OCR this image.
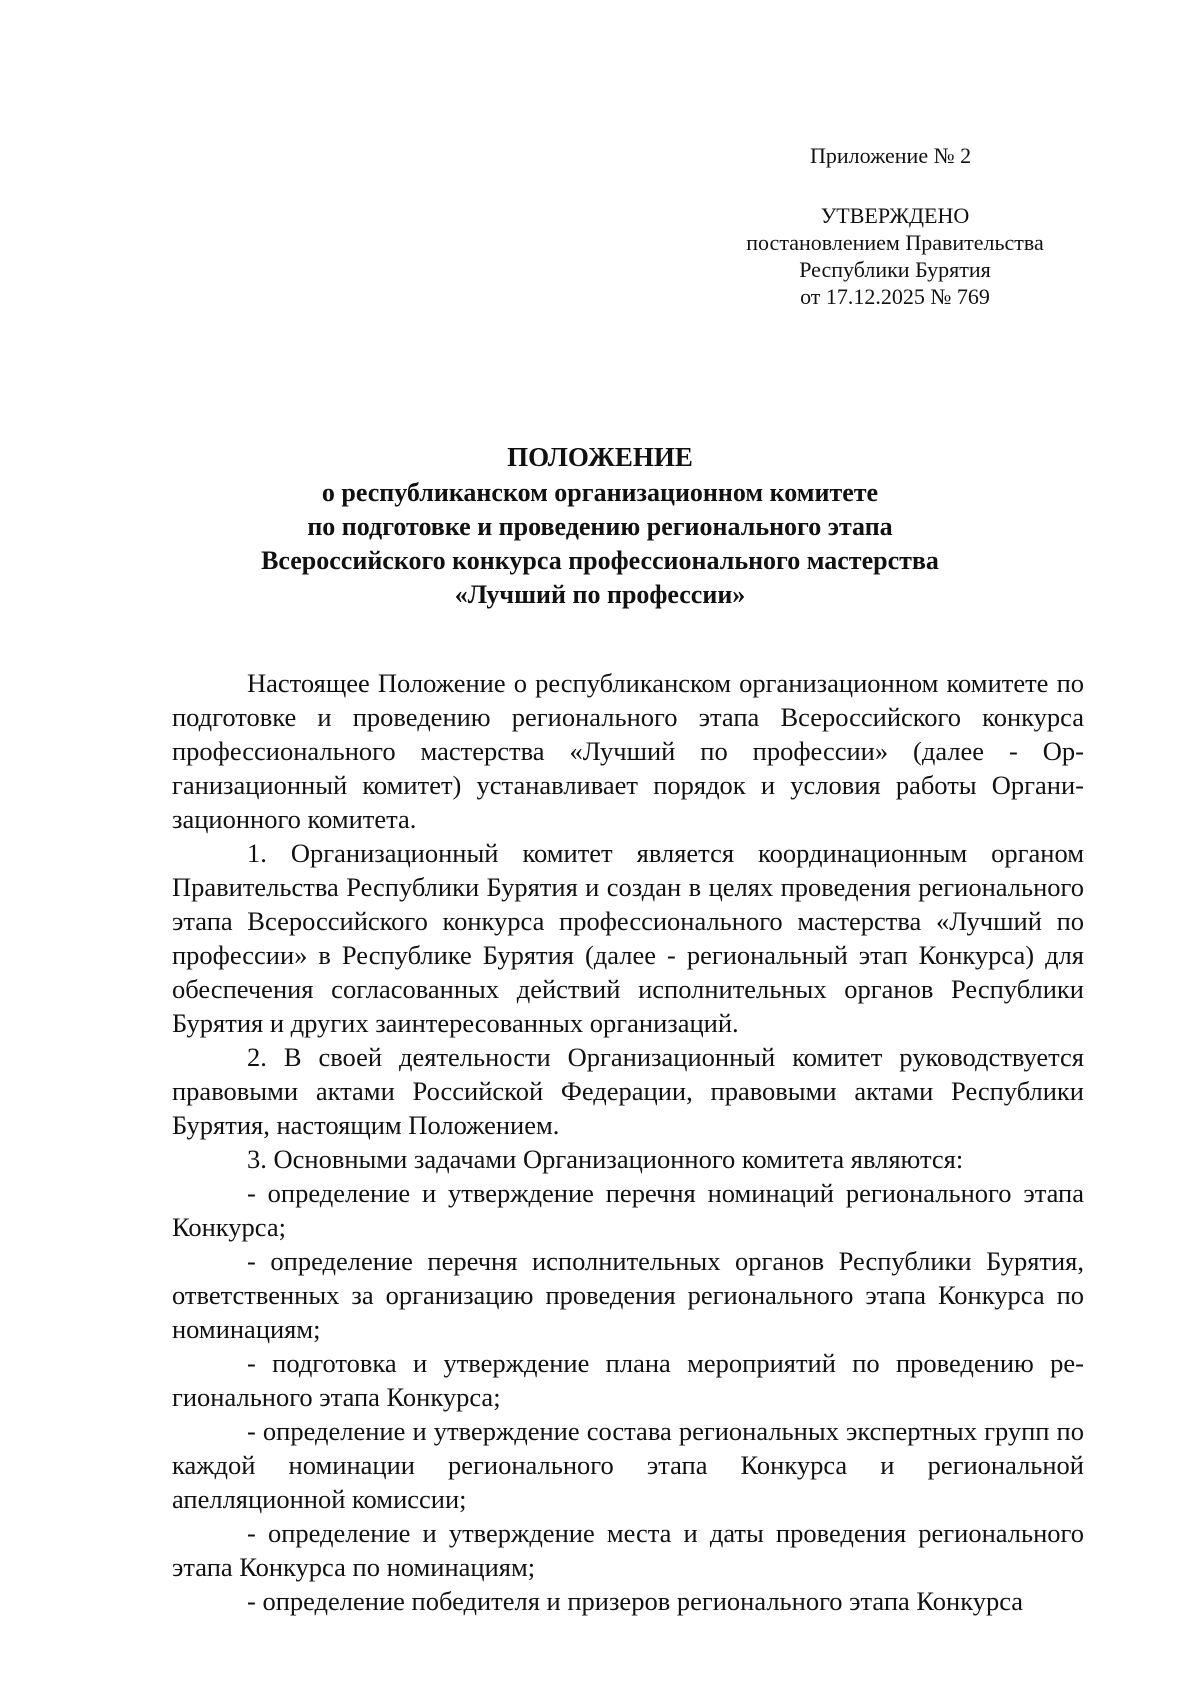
Приложение № 2
УТВЕРЖДЕНО
постановлением Правительства
Республики Бурятия
от 17.12.2025 № 769
ПОЛОЖЕНИЕ
о республиканском организационном комитете
по подготовке и проведению регионального этапа
Всероссийского конкурса профессионального мастерства
«Лучший по профессии»

Настоящее Положение о республиканском организационном комитете по подготовке и проведению регионального этапа Всероссийского конкурса профессионального мастерства «Лучший по профессии» (далее - Организационный комитет) устанавливает порядок и условия работы Организационного комитета.

1. Организационный комитет является координационным органом Правительства Республики Бурятия и создан в целях проведения регионального этапа Всероссийского конкурса профессионального мастерства «Лучший по профессии» в Республике Бурятия (далее - региональный этап Конкурса) для обеспечения согласованных действий исполнительных органов Республики Бурятия и других заинтересованных организаций.

2. В своей деятельности Организационный комитет руководствуется правовыми актами Российской Федерации, правовыми актами Республики Бурятия, настоящим Положением.

3. Основными задачами Организационного комитета являются:

- определение и утверждение перечня номинаций регионального этапа Конкурса;

- определение перечня исполнительных органов Республики Бурятия, ответственных за организацию проведения регионального этапа Конкурса по номинациям;

- подготовка и утверждение плана мероприятий по проведению регионального этапа Конкурса;

- определение и утверждение состава региональных экспертных групп по каждой номинации регионального этапа Конкурса и региональной апелляционной комиссии;

- определение и утверждение места и даты проведения регионального этапа Конкурса по номинациям;

- определение победителя и призеров регионального этапа Конкурса
